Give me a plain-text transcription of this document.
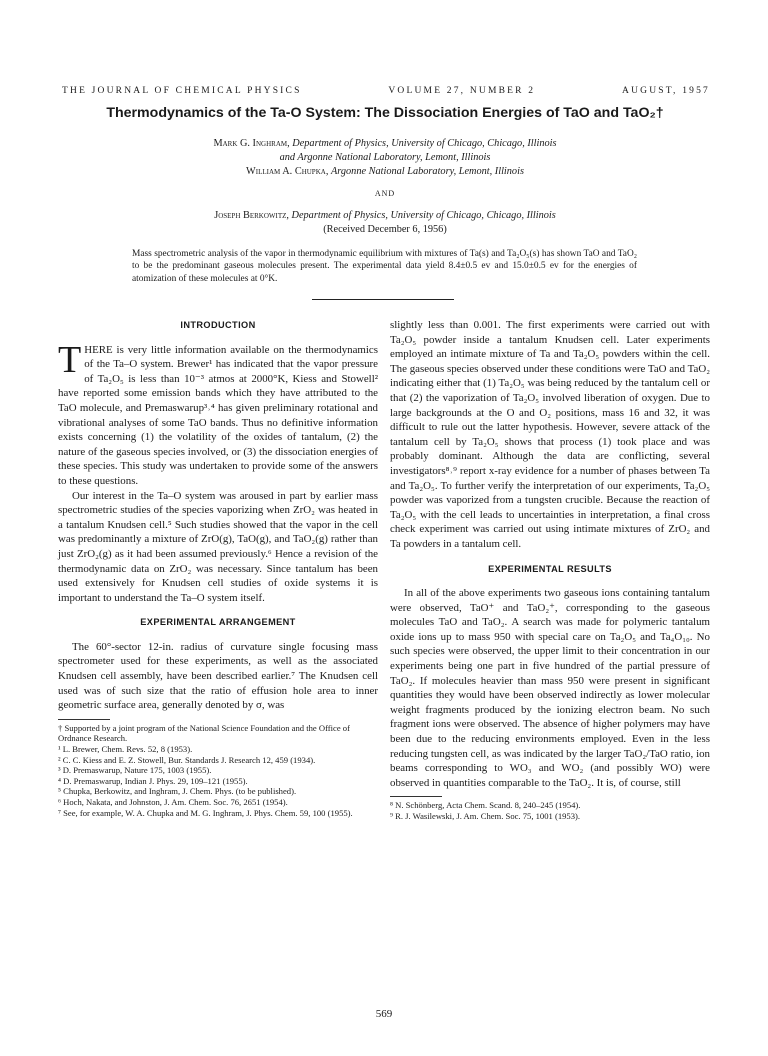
THE JOURNAL OF CHEMICAL PHYSICS	VOLUME 27, NUMBER 2	AUGUST, 1957
Thermodynamics of the Ta-O System: The Dissociation Energies of TaO and TaO₂†
Mark G. Inghram, Department of Physics, University of Chicago, Chicago, Illinois
and Argonne National Laboratory, Lemont, Illinois
William A. Chupka, Argonne National Laboratory, Lemont, Illinois
AND
Joseph Berkowitz, Department of Physics, University of Chicago, Chicago, Illinois
(Received December 6, 1956)
Mass spectrometric analysis of the vapor in thermodynamic equilibrium with mixtures of Ta(s) and Ta₂O₅(s) has shown TaO and TaO₂ to be the predominant gaseous molecules present. The experimental data yield 8.4±0.5 ev and 15.0±0.5 ev for the energies of atomization of these molecules at 0°K.
INTRODUCTION

THERE is very little information available on the thermodynamics of the Ta–O system. Brewer¹ has indicated that the vapor pressure of Ta₂O₅ is less than 10⁻³ atmos at 2000°K, Kiess and Stowell² have reported some emission bands which they have attributed to the TaO molecule, and Premaswarup³˒⁴ has given preliminary rotational and vibrational analyses of some TaO bands. Thus no definitive information exists concerning (1) the volatility of the oxides of tantalum, (2) the nature of the gaseous species involved, or (3) the dissociation energies of these species. This study was undertaken to provide some of the answers to these questions.

Our interest in the Ta–O system was aroused in part by earlier mass spectrometric studies of the species vaporizing when ZrO₂ was heated in a tantalum Knudsen cell.⁵ Such studies showed that the vapor in the cell was predominantly a mixture of ZrO(g), TaO(g), and TaO₂(g) rather than just ZrO₂(g) as it had been assumed previously.⁶ Hence a revision of the thermodynamic data on ZrO₂ was necessary. Since tantalum has been used extensively for Knudsen cell studies of oxide systems it is important to understand the Ta–O system itself.

EXPERIMENTAL ARRANGEMENT

The 60°-sector 12-in. radius of curvature single focusing mass spectrometer used for these experiments, as well as the associated Knudsen cell assembly, have been described earlier.⁷ The Knudsen cell used was of such size that the ratio of effusion hole area to inner geometric surface area, generally denoted by σ, was

† Supported by a joint program of the National Science Foundation and the Office of Ordnance Research.

¹ L. Brewer, Chem. Revs. 52, 8 (1953).

² C. C. Kiess and E. Z. Stowell, Bur. Standards J. Research 12, 459 (1934).

³ D. Premaswarup, Nature 175, 1003 (1955).

⁴ D. Premaswarup, Indian J. Phys. 29, 109–121 (1955).

⁵ Chupka, Berkowitz, and Inghram, J. Chem. Phys. (to be published).

⁶ Hoch, Nakata, and Johnston, J. Am. Chem. Soc. 76, 2651 (1954).

⁷ See, for example, W. A. Chupka and M. G. Inghram, J. Phys. Chem. 59, 100 (1955).

slightly less than 0.001. The first experiments were carried out with Ta₂O₅ powder inside a tantalum Knudsen cell. Later experiments employed an intimate mixture of Ta and Ta₂O₅ powders within the cell. The gaseous species observed under these conditions were TaO and TaO₂ indicating either that (1) Ta₂O₅ was being reduced by the tantalum cell or that (2) the vaporization of Ta₂O₅ involved liberation of oxygen. Due to large backgrounds at the O and O₂ positions, mass 16 and 32, it was difficult to rule out the latter hypothesis. However, severe attack of the tantalum cell by Ta₂O₅ shows that process (1) took place and was probably dominant. Although the data are conflicting, several investigators⁸˒⁹ report x-ray evidence for a number of phases between Ta and Ta₂O₅. To further verify the interpretation of our experiments, Ta₂O₅ powder was vaporized from a tungsten crucible. Because the reaction of Ta₂O₅ with the cell leads to uncertainties in interpretation, a final cross check experiment was carried out using intimate mixtures of ZrO₂ and Ta powders in a tantalum cell.

EXPERIMENTAL RESULTS

In all of the above experiments two gaseous ions containing tantalum were observed, TaO⁺ and TaO₂⁺, corresponding to the gaseous molecules TaO and TaO₂. A search was made for polymeric tantalum oxide ions up to mass 950 with special care on Ta₂O₅ and Ta₄O₁₀. No such species were observed, the upper limit to their concentration in our experiments being one part in five hundred of the partial pressure of TaO₂. If molecules heavier than mass 950 were present in significant quantities they would have been observed indirectly as lower molecular weight fragments produced by the ionizing electron beam. No such fragment ions were observed. The absence of higher polymers may have been due to the reducing environments employed. Even in the less reducing tungsten cell, as was indicated by the larger TaO₂/TaO ratio, ion beams corresponding to WO₃ and WO₂ (and possibly WO) were observed in quantities comparable to the TaO₂. It is, of course, still

⁸ N. Schönberg, Acta Chem. Scand. 8, 240–245 (1954).

⁹ R. J. Wasilewski, J. Am. Chem. Soc. 75, 1001 (1953).

569
